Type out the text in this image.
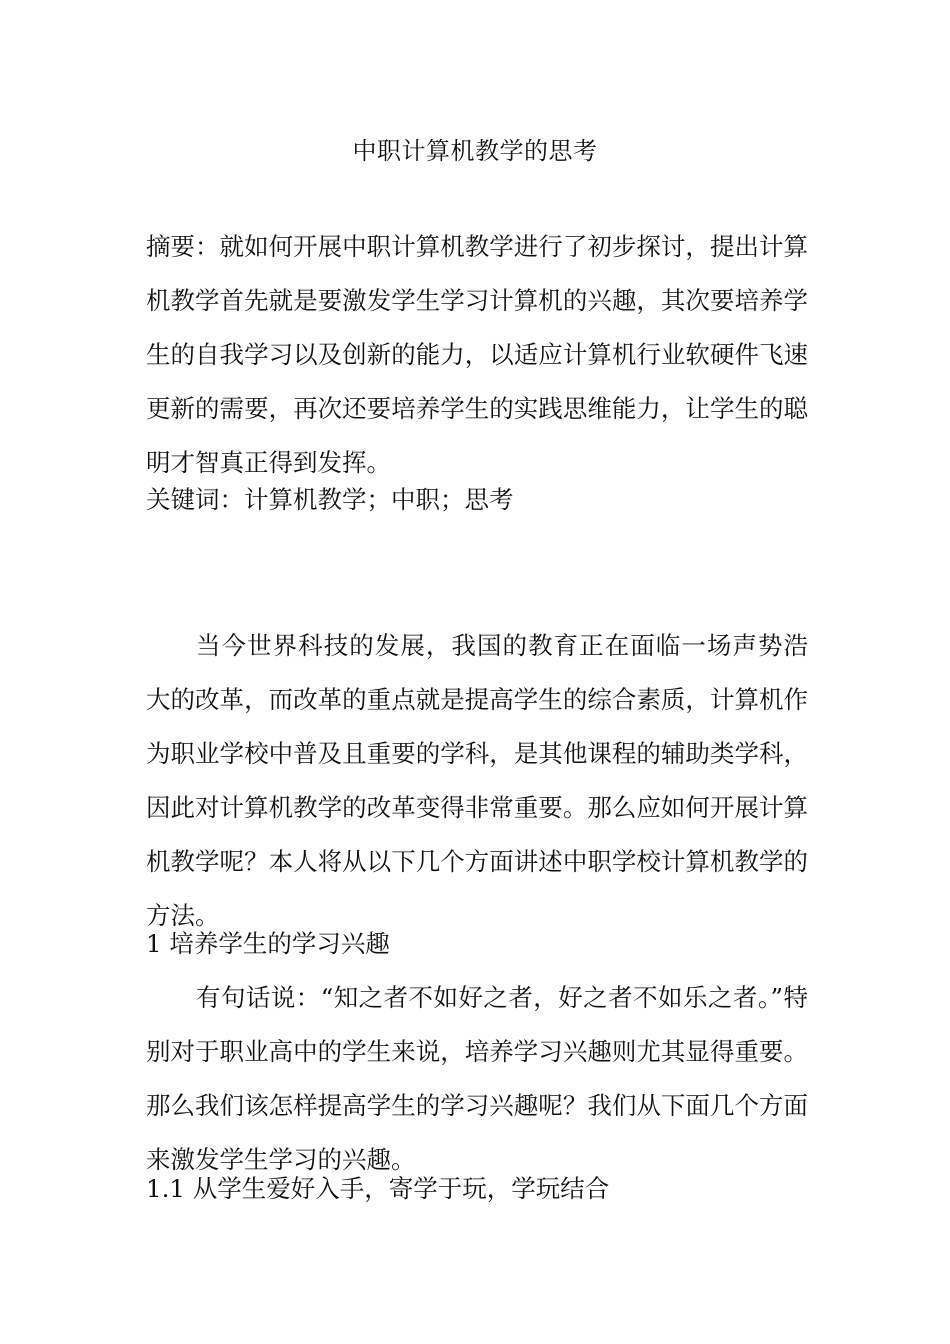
中职计算机教学的思考
摘要：就如何开展中职计算机教学进行了初步探讨，提出计算机教学首先就是要激发学生学习计算机的兴趣，其次要培养学生的自我学习以及创新的能力，以适应计算机行业软硬件飞速更新的需要，再次还要培养学生的实践思维能力，让学生的聪明才智真正得到发挥。
关键词：计算机教学；中职；思考
当今世界科技的发展，我国的教育正在面临一场声势浩大的改革，而改革的重点就是提高学生的综合素质，计算机作为职业学校中普及且重要的学科，是其他课程的辅助类学科，因此对计算机教学的改革变得非常重要。那么应如何开展计算机教学呢？本人将从以下几个方面讲述中职学校计算机教学的方法。
1 培养学生的学习兴趣
有句话说：“知之者不如好之者，好之者不如乐之者。”特别对于职业高中的学生来说，培养学习兴趣则尤其显得重要。那么我们该怎样提高学生的学习兴趣呢？我们从下面几个方面来激发学生学习的兴趣。
1.1 从学生爱好入手，寄学于玩，学玩结合
